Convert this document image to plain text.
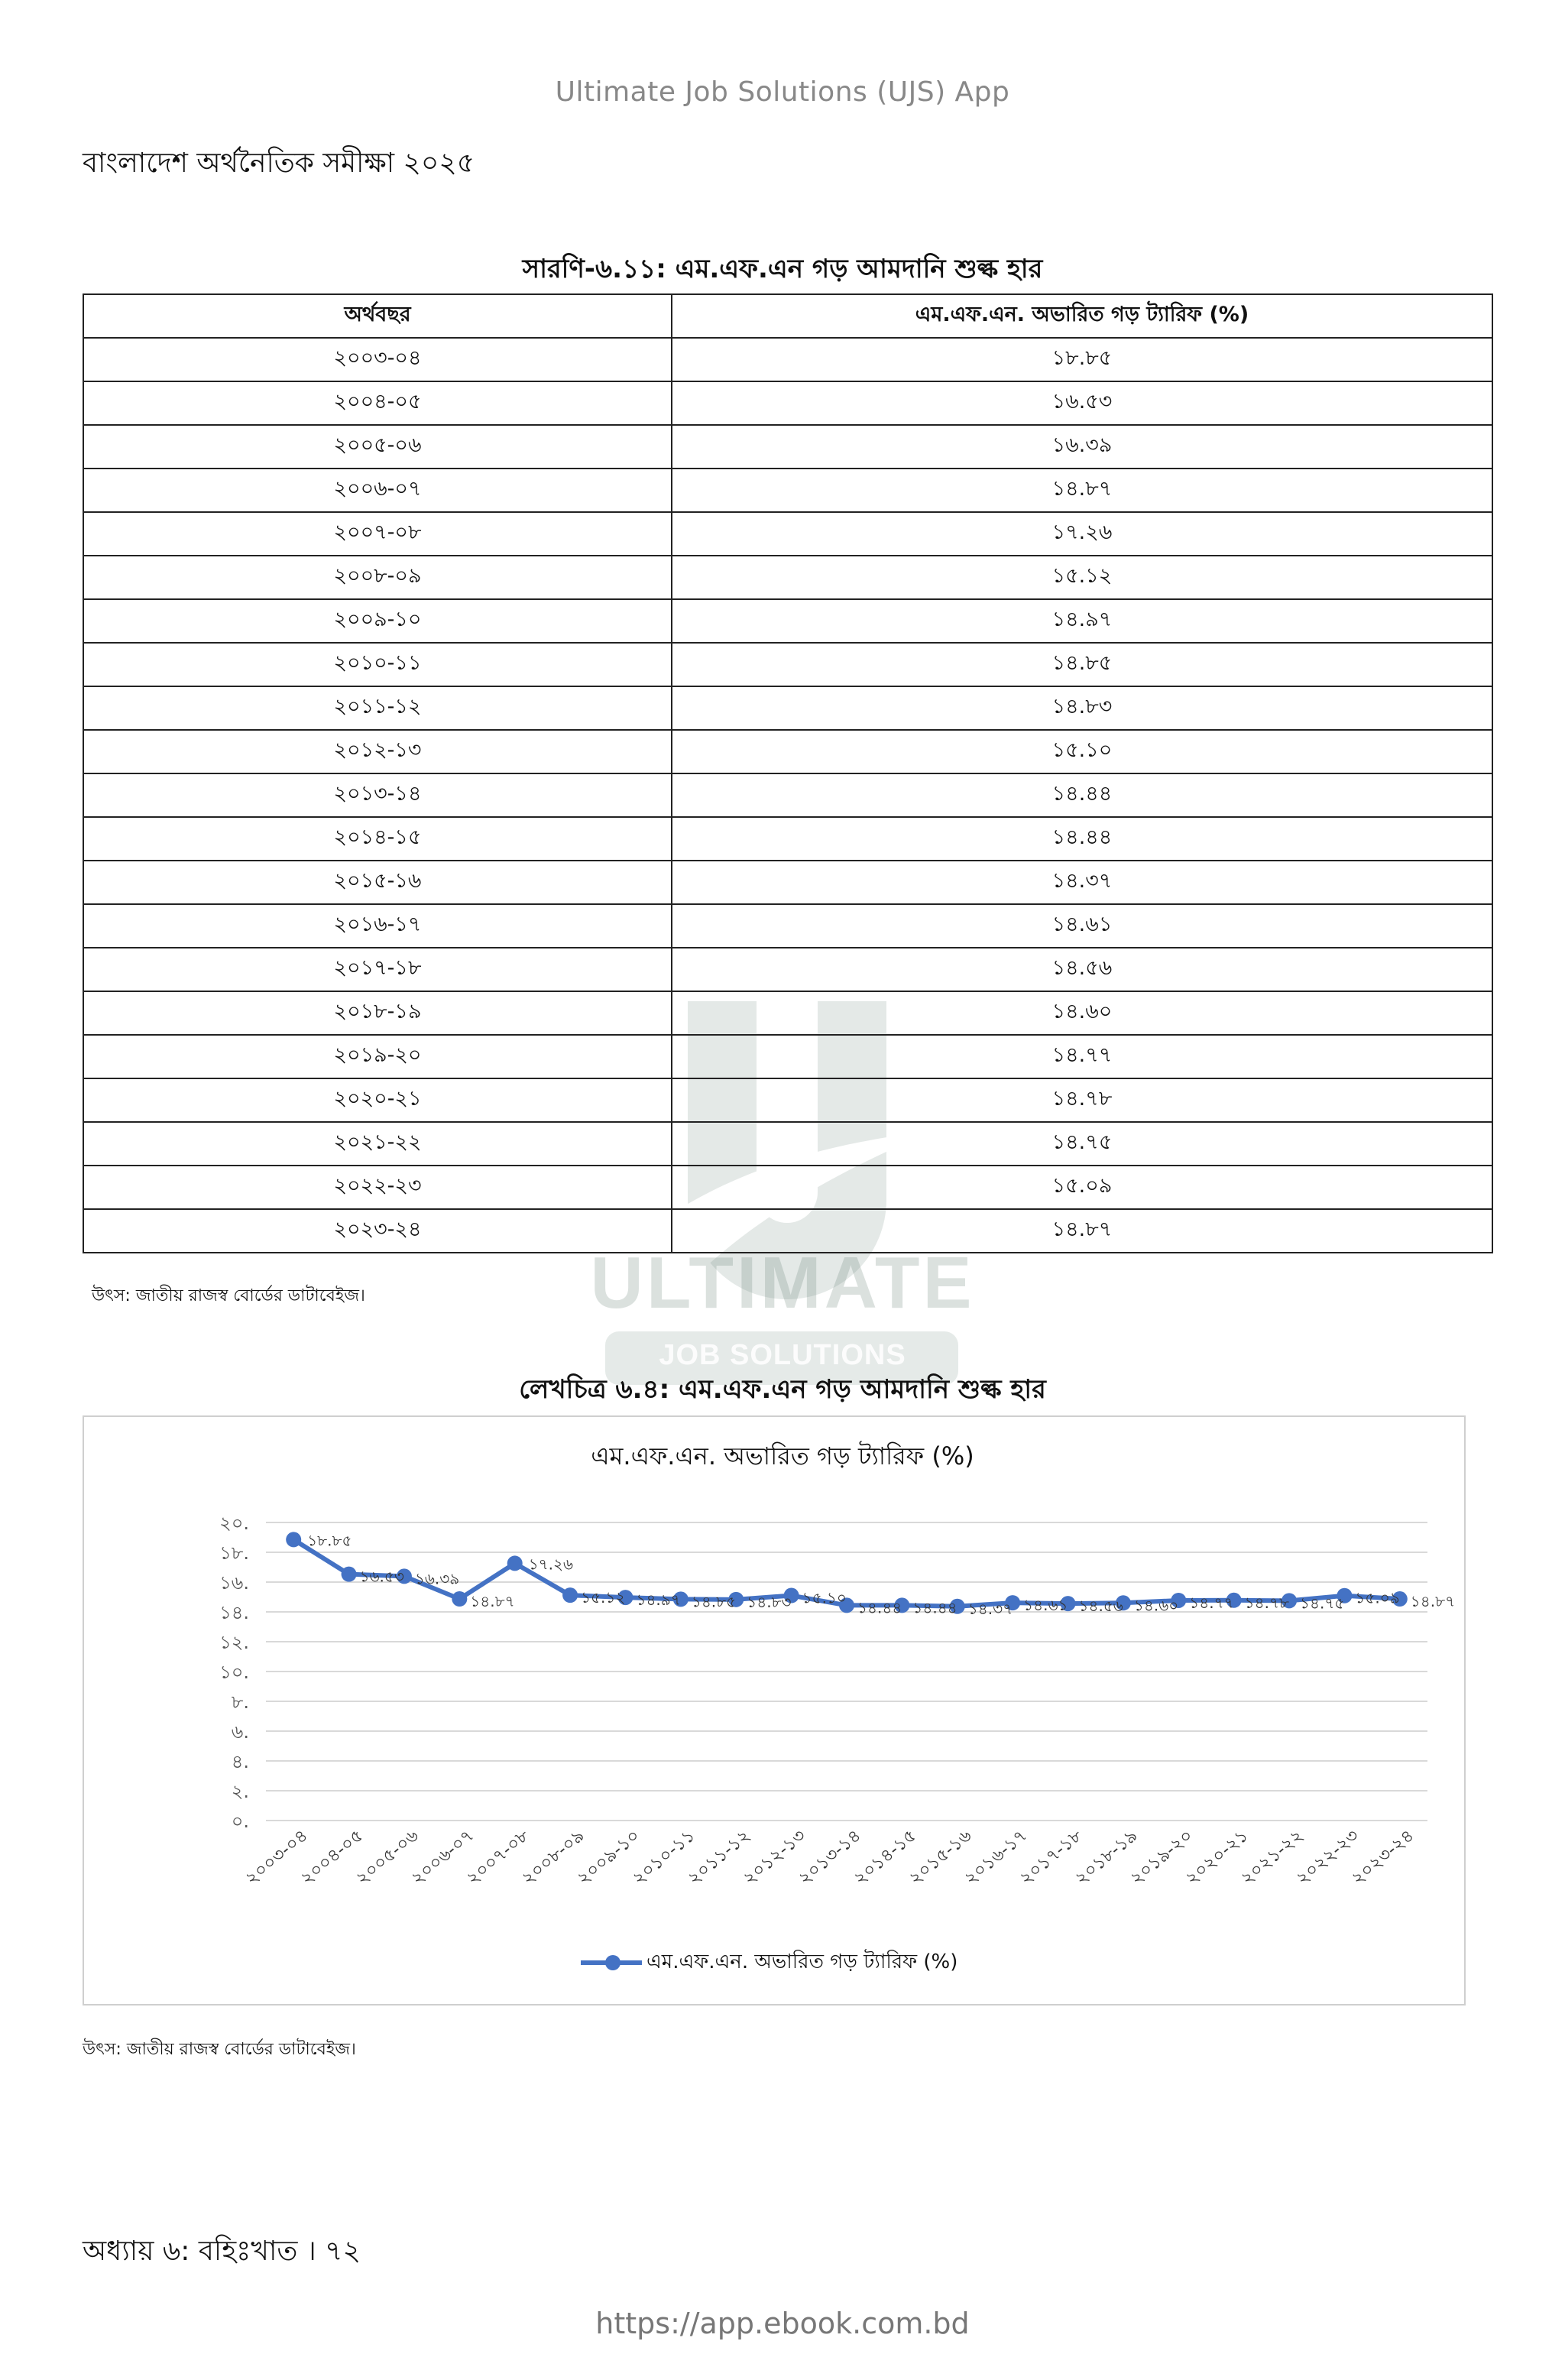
ULTIMATE
JOB SOLUTIONS
Ultimate Job Solutions (UJS) App
বাংলাদেশ অর্থনৈতিক সমীক্ষা ২০২৫
সারণি-৬.১১: এম.এফ.এন গড় আমদানি শুল্ক হার
অর্থবছর	এম.এফ.এন. অভারিত গড় ট্যারিফ (%)
২০০৩-০৪	১৮.৮৫
২০০৪-০৫	১৬.৫৩
২০০৫-০৬	১৬.৩৯
২০০৬-০৭	১৪.৮৭
২০০৭-০৮	১৭.২৬
২০০৮-০৯	১৫.১২
২০০৯-১০	১৪.৯৭
২০১০-১১	১৪.৮৫
২০১১-১২	১৪.৮৩
২০১২-১৩	১৫.১০
২০১৩-১৪	১৪.৪৪
২০১৪-১৫	১৪.৪৪
২০১৫-১৬	১৪.৩৭
২০১৬-১৭	১৪.৬১
২০১৭-১৮	১৪.৫৬
২০১৮-১৯	১৪.৬০
২০১৯-২০	১৪.৭৭
২০২০-২১	১৪.৭৮
২০২১-২২	১৪.৭৫
২০২২-২৩	১৫.০৯
২০২৩-২৪	১৪.৮৭
উৎস: জাতীয় রাজস্ব বোর্ডের ডাটাবেইজ।
লেখচিত্র ৬.৪: এম.এফ.এন গড় আমদানি শুল্ক হার
এম.এফ.এন. অভারিত গড় ট্যারিফ (%)
২০.
১৮.
১৬.
১৪.
১২.
১০.
৮.
৬.
৪.
২.
০.
২০০৩-০৪
২০০৪-০৫
২০০৫-০৬
২০০৬-০৭
২০০৭-০৮
২০০৮-০৯
২০০৯-১০
২০১০-১১
২০১১-১২
২০১২-১৩
২০১৩-১৪
২০১৪-১৫
২০১৫-১৬
২০১৬-১৭
২০১৭-১৮
২০১৮-১৯
২০১৯-২০
২০২০-২১
২০২১-২২
২০২২-২৩
২০২৩-২৪
১৮.৮৫
১৬.৫৩ ১৬.৩৯
১৪.৮৭
১৭.২৬
১৫.১২ ১৪.৯৭ ১৪.৮৫ ১৪.৮৩ ১৫.১০
১৪.৪৪ ১৪.৪৪ ১৪.৩৭ ১৪.৬১ ১৪.৫৬ ১৪.৬০ ১৪.৭৭ ১৪.৭৮ ১৪.৭৫ ১৫.০৯ ১৪.৮৭
এম.এফ.এন. অভারিত গড় ট্যারিফ (%)
উৎস: জাতীয় রাজস্ব বোর্ডের ডাটাবেইজ।
অধ্যায় ৬: বহিঃখাত । ৭২
https://app.ebook.com.bd
